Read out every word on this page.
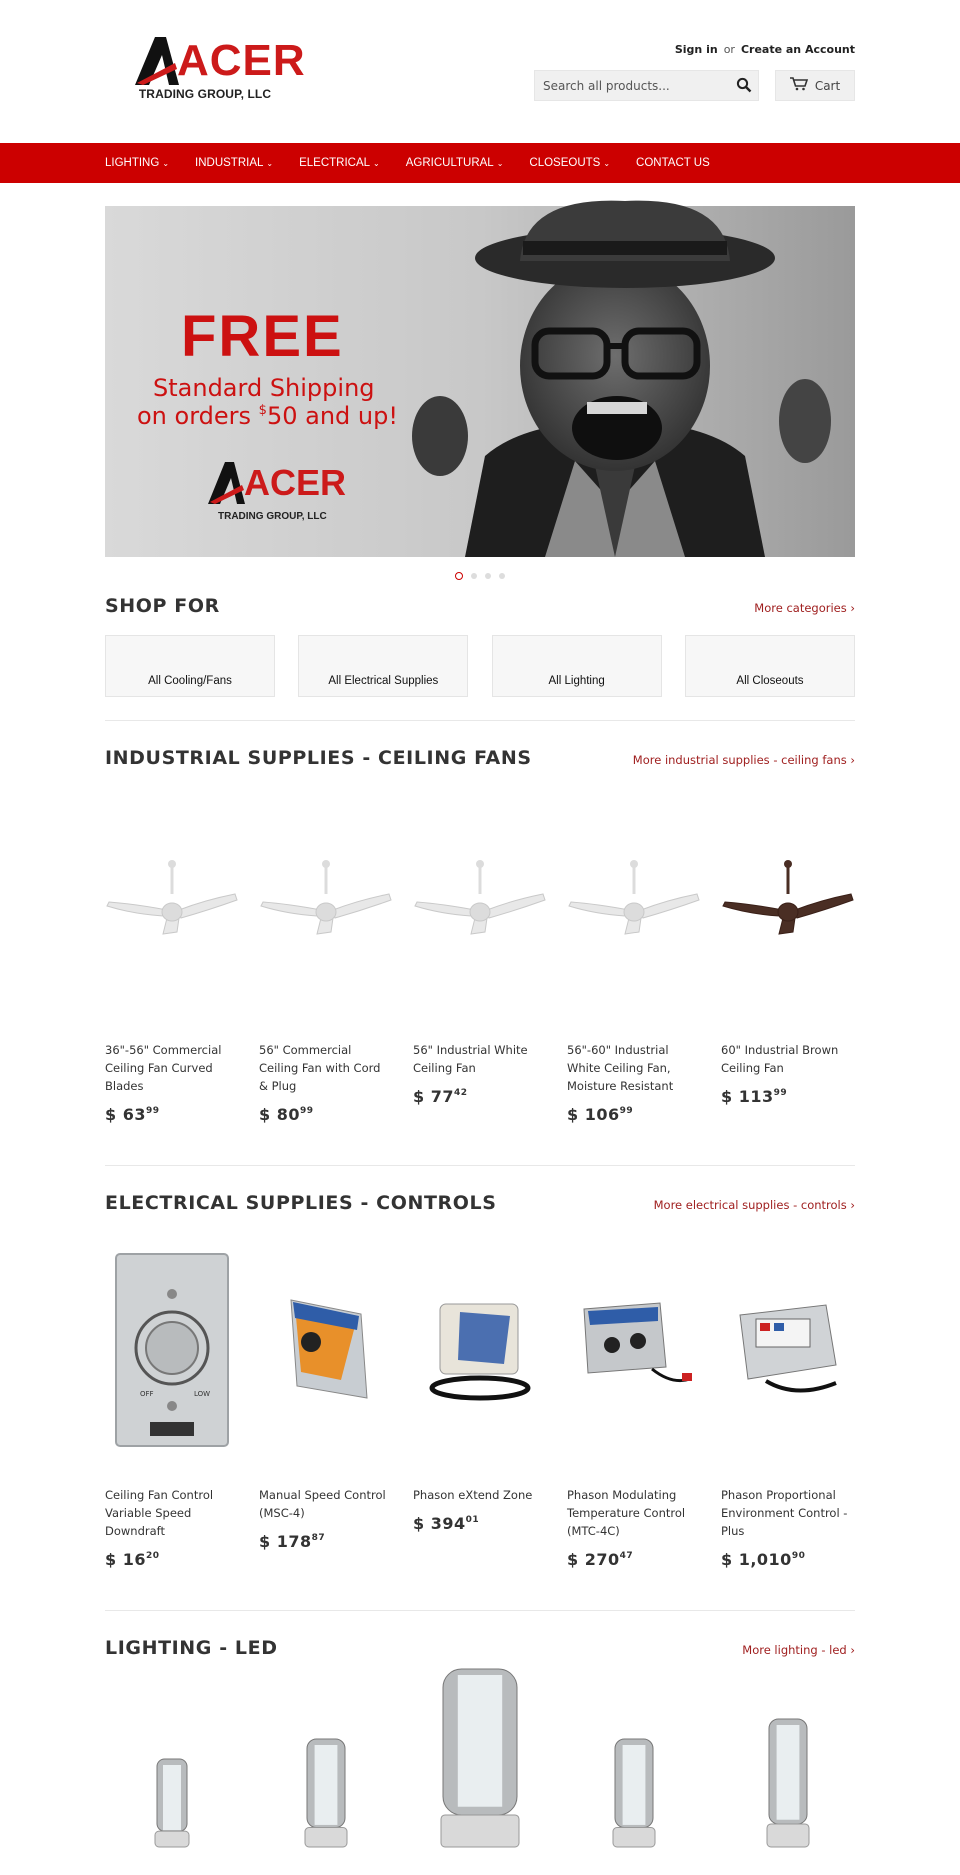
ACER
TRADING GROUP, LLC
Sign in or Create an Account
Search all products...
Cart
LIGHTING ⌄ INDUSTRIAL ⌄ ELECTRICAL ⌄ AGRICULTURAL ⌄ CLOSEOUTS ⌄ CONTACT US
FREE
Standard Shipping
on orders $50 and up!
ACER
TRADING GROUP, LLC
SHOP FOR	More categories ›
All Cooling/Fans	All Electrical Supplies	All Lighting	All Closeouts
INDUSTRIAL SUPPLIES - CEILING FANS	More industrial supplies - ceiling fans ›
36"-56" Commercial Ceiling Fan Curved Blades
$ $63^{99}$
56" Commercial Ceiling Fan with Cord & Plug
$ $80^{99}$
56" Industrial White Ceiling Fan
$ $77^{42}$
56"-60" Industrial White Ceiling Fan, Moisture Resistant
$ $106^{99}$
60" Industrial Brown Ceiling Fan
$ $113^{99}$
ELECTRICAL SUPPLIES - CONTROLS	More electrical supplies - controls ›
OFF	LOW
Ceiling Fan Control Variable Speed Downdraft
$ $16^{20}$
Manual Speed Control (MSC-4)
$ $178^{87}$
Phason eXtend Zone
$ $394^{01}$
Phason Modulating Temperature Control (MTC-4C)
$ $270^{47}$
Phason Proportional Environment Control - Plus
$ 1,010$^{90}$
LIGHTING - LED	More lighting - led ›
